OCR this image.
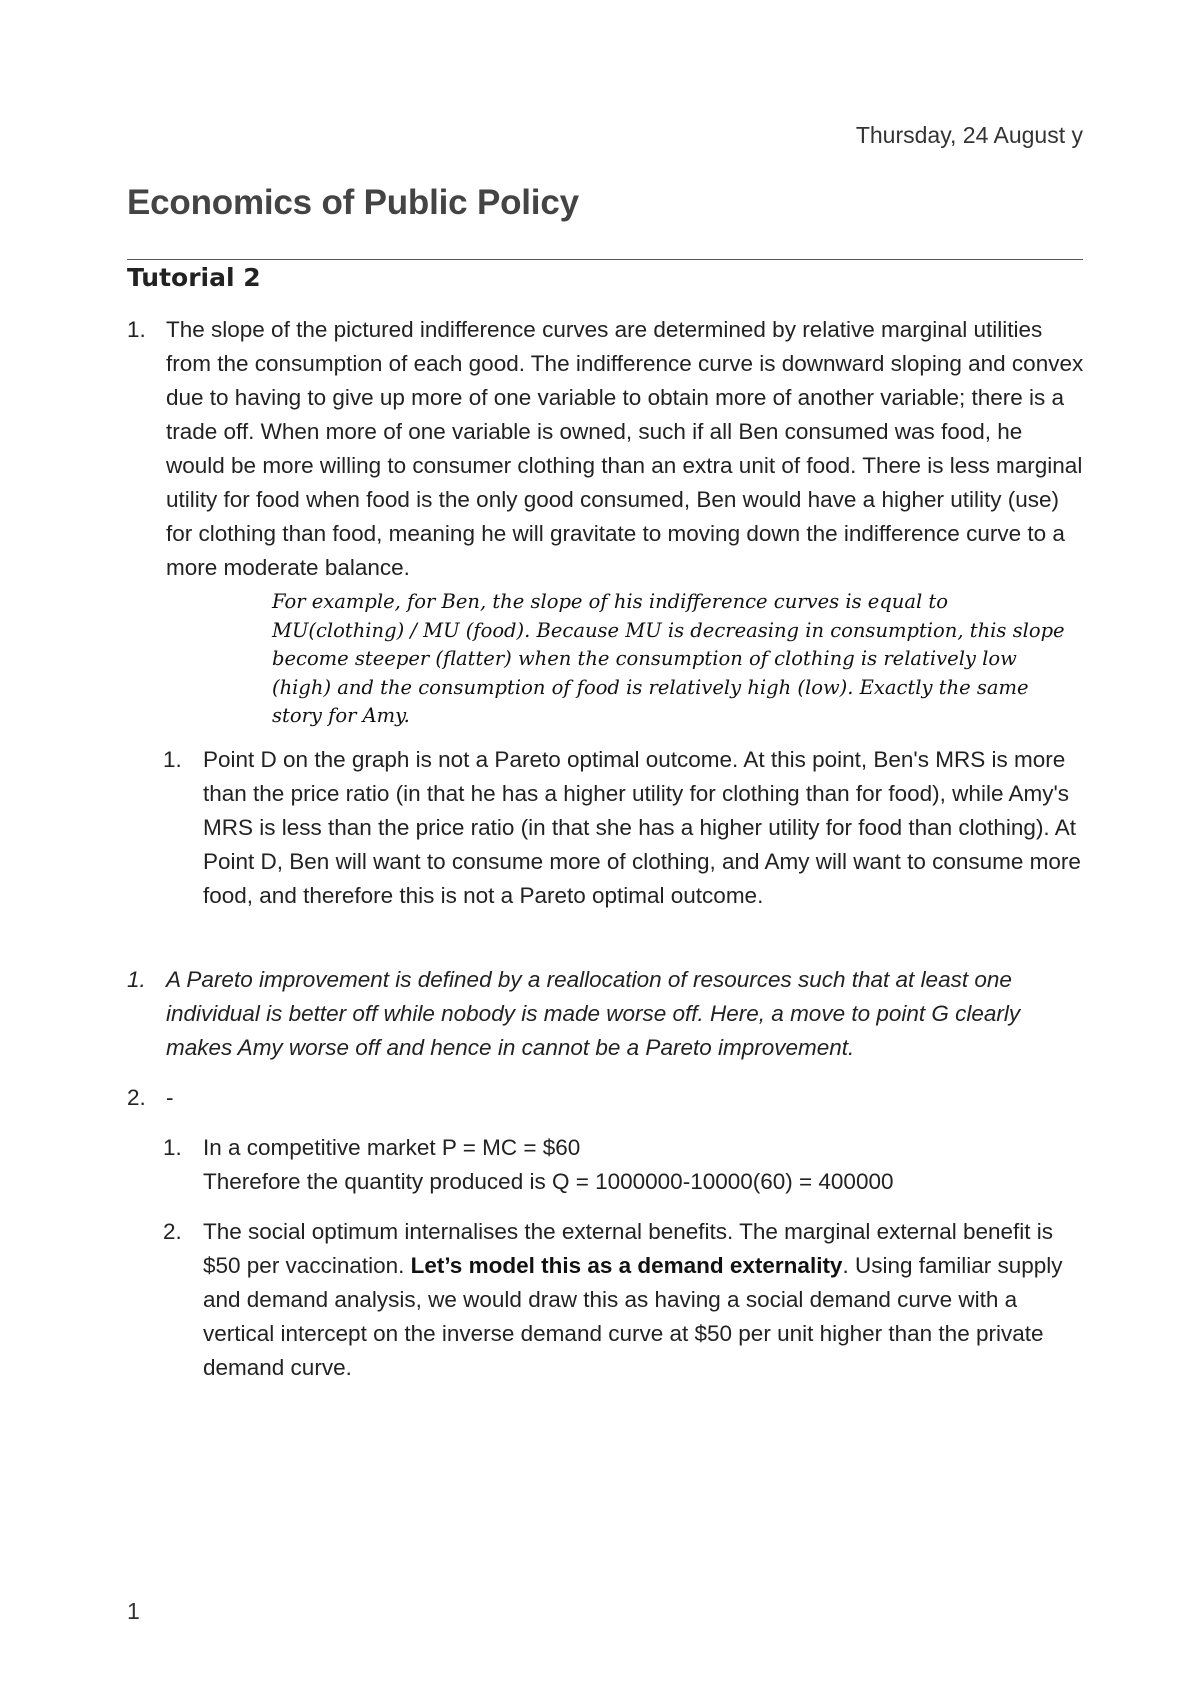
Thursday, 24 August y
Economics of Public Policy
Tutorial 2
1. The slope of the pictured indifference curves are determined by relative marginal utilities from the consumption of each good. The indifference curve is downward sloping and convex due to having to give up more of one variable to obtain more of another variable; there is a trade off. When more of one variable is owned, such if all Ben consumed was food, he would be more willing to consumer clothing than an extra unit of food. There is less marginal utility for food when food is the only good consumed, Ben would have a higher utility (use) for clothing than food, meaning he will gravitate to moving down the indifference curve to a more moderate balance.

For example, for Ben, the slope of his indifference curves is equal to MU(clothing) / MU (food). Because MU is decreasing in consumption, this slope become steeper (flatter) when the consumption of clothing is relatively low (high) and the consumption of food is relatively high (low). Exactly the same story for Amy.
1. Point D on the graph is not a Pareto optimal outcome. At this point, Ben's MRS is more than the price ratio (in that he has a higher utility for clothing than for food), while Amy's MRS is less than the price ratio (in that she has a higher utility for food than clothing). At Point D, Ben will want to consume more of clothing, and Amy will want to consume more food, and therefore this is not a Pareto optimal outcome.

1. A Pareto improvement is defined by a reallocation of resources such that at least one individual is better off while nobody is made worse off. Here, a move to point G clearly makes Amy worse off and hence in cannot be a Pareto improvement.

2. -

1. In a competitive market P = MC = $60

Therefore the quantity produced is Q = 1000000-10000(60) = 400000

2. The social optimum internalises the external benefits. The marginal external benefit is $50 per vaccination. Let’s model this as a demand externality. Using familiar supply and demand analysis, we would draw this as having a social demand curve with a vertical intercept on the inverse demand curve at $50 per unit higher than the private demand curve.

1
